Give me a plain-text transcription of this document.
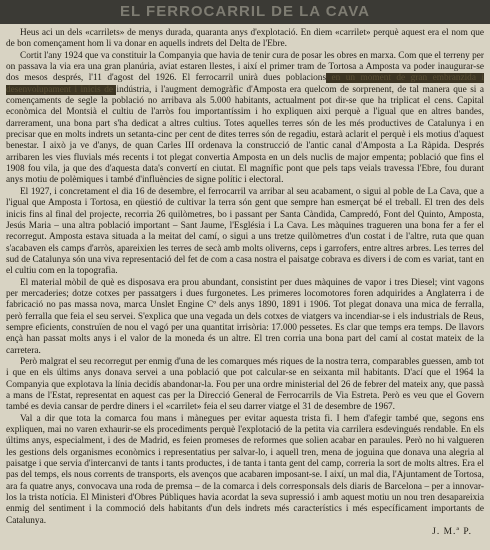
EL FERROCARRIL DE LA CAVA

Heus aci un dels «carrilets» de menys durada, quaranta anys d'explotació. En diem «carrilet» perquè aquest era el nom que de bon començament hom li va donar en aquells indrets del Delta de l'Ebre.

Cortit l'any 1924 que va constituir la Companyia que havia de tenir cura de posar les obres en marxa. Com que el terreny per on passava la via era una gran planúria, aviat estaren llestes, i així el primer tram de Tortosa a Amposta va poder inaugurar-se dos mesos després, l'11 d'agost del 1926. El ferrocarril unirà dues poblacions en un moment de gran embranzida i desenvolupament i inicis de indústria, i l'augment demogràfic d'Amposta era quelcom de sorprenent, de tal manera que si a començaments de segle la població no arribava als 5.000 habitants, actualment pot dir-se que ha triplicat el cens. Capital econòmica del Montsià el cultiu de l'arròs fou importantíssim i ho expliquen aixi perquè a l'igual que en altres bandes, darrerament, una bona part s'ha dedicat a altres cultius. Totes aquelles terres són de les més productives de Catalunya i en precisar que en molts indrets un setanta-cinc per cent de dites terres són de regadiu, estarà aclarit el perquè i els motius d'aquest benestar. I això ja ve d'anys, de quan Carles III ordenava la construcció de l'antic canal d'Amposta a La Ràpida. Després arribaren les vies fluvials més recents i tot plegat convertia Amposta en un dels nuclis de major empenta; població que fins el 1908 fou vila, ja que des d'aquesta data's convertí en ciutat. El magnífic pont que pels taps veials travessa l'Ebre, fou durant anys motiu de polèmiques i també d'influències de signe polític i electoral.

El 1927, i concretament el dia 16 de desembre, el ferrocarril va arribar al seu acabament, o sigui al poble de La Cava, que a l'igual que Amposta i Tortosa, en qüestió de cultivar la terra són gent que sempre han esmerçat bé el treball. El tren des dels inicis fins al final del projecte, recorria 26 quilòmetres, bo i passant per Santa Càndida, Campredó, Font del Quinto, Amposta, Jesús Maria – una altra població important – Sant Jaume, l'Església i La Cava. Les màquines tragueren una bona fer a fer el recorregut. Amposta estava situada a la meitat del camí, o sigui a uns tretze quilòmetres d'un costat i de l'altre, ruta que quan s'acabaven els camps d'arròs, apareixien les terres de secà amb molts oliverns, ceps i garrofers, entre altres arbres. Les terres del sud de Catalunya són una viva representació del fet de com a casa nostra el paisatge cobrava es divers i de com es variat, tant en el cultiu com en la topografia.

El material mòbil de què es disposava era prou abundant, consistint per dues màquines de vapor i tres Diesel; vint vagons per mercaderies; dotze cotxes per passatgers i dues furgonetes. Les primeres locomotores foren adquirides a Anglaterra i de fabricació no pas massa nova, marca Unslet Engine Cº dels anys 1890, 1891 i 1906. Tot plegat donava una mica de ferralla, però ferralla que feia el seu servei. S'explica que una vegada un dels cotxes de viatgers va incendiar-se i els industrials de Reus, sempre eficients, construïen de nou el vagó per una quantitat irrisòria: 17.000 pessetes. Es clar que temps era temps. De llavors ençà han passat molts anys i el valor de la moneda és un altre. El tren corria una bona part del camí al costat mateix de la carretera.

Però malgrat el seu recorregut per enmig d'una de les comarques més riques de la nostra terra, comparables guessen, amb tot i que en els últims anys donava servei a una població que pot calcular-se en seixanta mil habitants. D'ací que el 1964 la Companyia que explotava la línia decidís abandonar-la. Fou per una ordre ministerial del 26 de febrer del mateix any, que passà a mans de l'Estat, representat en aquest cas per la Direcció General de Ferrocarrils de Via Estreta. Però es veu que el Govern també es devia cansar de perdre diners i el «carrilet» feia el seu darrer viatge el 31 de desembre de 1967.

Val a dir que tota la comarca fou mans i mànegues per evitar aquesta trista fi. I hem d'afegir també que, segons ens expliquen, mai no varen exhaurir-se els procediments perquè l'explotació de la petita via carrilera esdevingués rendable. En els últims anys, especialment, i des de Madrid, es feien promeses de reformes que solien acabar en paraules. Però no hi valgueren les gestions dels organismes econòmics i representatius per salvar-lo, i aquell tren, mena de joguina que donava una alegria al paisatge i que servia d'intercanvi de tants i tants productes, i de tanta i tanta gent del camp, correria la sort de molts altres. Era el pas del temps, els nous corrents de transports, els avenços que acabaren imposant-se. I així, un mal dia, l'Ajuntament de Tortosa, ara fa quatre anys, convocava una roda de premsa – de la comarca i dels corresponsals dels diaris de Barcelona – per a innovar-los la trista notícia. El Ministeri d'Obres Públiques havia acordat la seva supressió i amb aquest motiu un nou tren desapareixia enmig del sentiment i la commoció dels habitants d'un dels indrets més característics i més específicament importants de Catalunya.

J. M.ª P.
